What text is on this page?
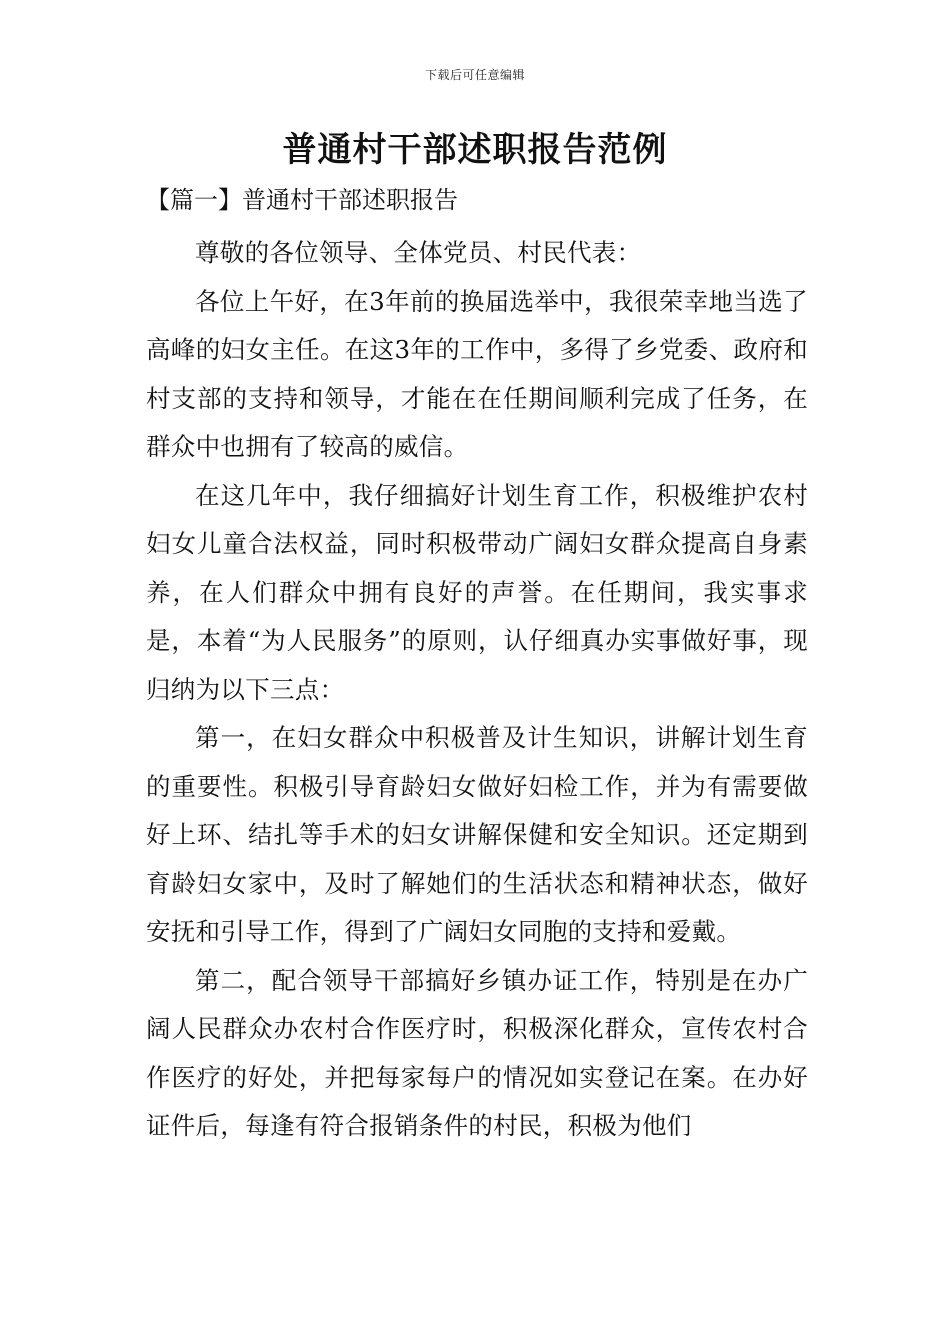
下载后可任意编辑
普通村干部述职报告范例
【篇一】普通村干部述职报告

尊敬的各位领导、全体党员、村民代表：

各位上午好，在3年前的换届选举中，我很荣幸地当选了高峰的妇女主任。在这3年的工作中，多得了乡党委、政府和村支部的支持和领导，才能在在任期间顺利完成了任务，在群众中也拥有了较高的威信。

在这几年中，我仔细搞好计划生育工作，积极维护农村妇女儿童合法权益，同时积极带动广阔妇女群众提高自身素养，在人们群众中拥有良好的声誉。在任期间，我实事求是，本着“为人民服务”的原则，认仔细真办实事做好事，现归纳为以下三点：

第一，在妇女群众中积极普及计生知识，讲解计划生育的重要性。积极引导育龄妇女做好妇检工作，并为有需要做好上环、结扎等手术的妇女讲解保健和安全知识。还定期到育龄妇女家中，及时了解她们的生活状态和精神状态，做好安抚和引导工作，得到了广阔妇女同胞的支持和爱戴。

第二，配合领导干部搞好乡镇办证工作，特别是在办广阔人民群众办农村合作医疗时，积极深化群众，宣传农村合作医疗的好处，并把每家每户的情况如实登记在案。在办好证件后，每逢有符合报销条件的村民，积极为他们
